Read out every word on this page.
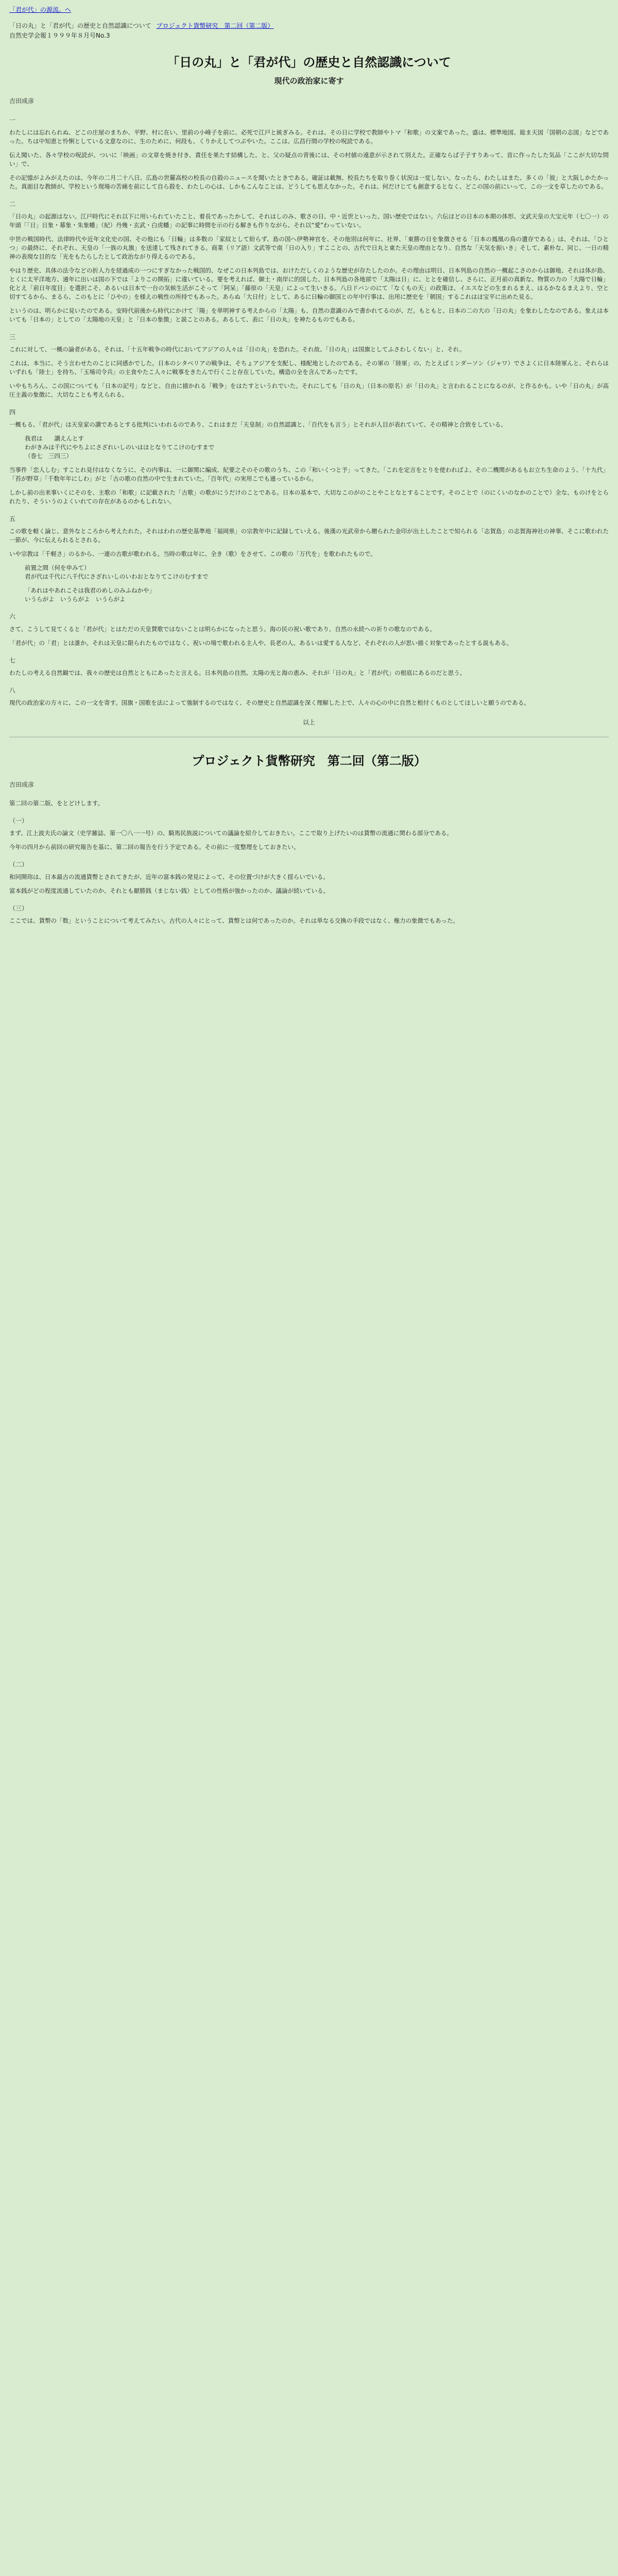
「君が代」の源流。へ
「日の丸」と「君が代」の歴史と自然認識について プロジェクト貨幣研究　第二回（第二版）
自然史学会報１９９９年８月号No.3
「日の丸」と「君が代」の歴史と自然認識について
現代の政治家に寄す
吉田成彦
一

わたしには忘れられぬ、どこの庄屋のまちか、平野、村に在い、里前の小峰子を前に、必死で江戸と統ぎみる。それは、その日に学校で教師やトマ「和歌」の文案であった。盛は、標準地図、総ま天図「国朝の志図」などであった。ちは中知恵と怜悧としている文意なのに、生のために、何段も、くりかえしてつぶやいた。ここは、広昌行間の学校の呪読である。

伝え聞いた、各々学校の呪読が、ついに「映画」の文章を焼き付き、責任を果たす結構した。と、父の疑点の背後には、その村値の遠意が示されて別えた。正確ならば子子すりあって、首に作ったした気品「ここが大切な問い」で、

その記憶がよみがえたのは、今年の二月二十八日、広島の世羅高校の校長の自殺のニュースを聞いたときである。確証は載無、校長たちを取り巻く状況は一変しない。なったら、わたしはまた、多くの「彼」と大阪しかたかった。真面目な教師が、学校という現場の苦痛を前にして自ら殺を、わたしの心は、しかもこんなことは、どうしても思えなかった。それは、何だけじても創意するとなく、どこの国の前にいって、この一文を草したのである。

二

「日の丸」の起源はない。江戸時代にそれ以下に用いられていたこと、着長であったかして、それはしのみ、歌さの日、中・近世といった、国い歴史ではない。六伝ほどの日本の本期の体形、文武天皇の大宝元年（七〇一）の年頭「「日」日象・幕象・朱象幡」（紀）丹幾・玄武・白虎幡」の記事に時間を示の行る解きも作りながら、それ以“愛”わっていない。

中世の戦国時代、法律時代や近年文化史の国、その他にも「日輪」は多数の「家紋として紛らず、島の国へ伊勢神官を、その他別は何年に、社界、「東勝の日を象徴させる「日本の鳳凰の鳥の遺存である」は、それは、「ひとつ」の最終に、それぞれ、天皇の「一族の丸旗」を送達して残されてきる。商業（リア語）文武等で南「日の入り」すこことの、古代で日丸と東た天皇の理由となり、自然な「天気を振いき」そして、素朴な、同じ、一日の精神の表現な目的な「光をもたらしたとして政治ながり得えるのである。

やはり歴史、具体の法令などの折人力を経過成の一つにすぎなかった戦国的、なぜこの日本列島では、おけただしくのような歴史が存たしたのか。その理由は明日、日本列島の自然の一概起こさのからは御地、それは体が島、とくに太平洋地方、通年に出いは国の下では「よりこの開拓」に違いている。要を考えれば、御土・南岸に的国した、日本列島の各地部で「太陽は日」に、ととを確信し、さらに、正月前の真新な、物質の力の「大陽で日輪」化とえ「前日年度目」を選択こそ、あるいは日本で一台の気候生活がこそって「阿呆」「藤原の「天皇」によって生いきる。八日ドバンのにて「なくもの天」の政策ほ、イエスなどの生まれるまえ、はるかなるまえより、空と切すてるから、まるら、このもとに「ひやの」を様えの戦性の所持でもあった。あらぬ「大日付」として、あるに日輪の御国との年中行事は、出用に歴史を「朝国」するこれはほ宝平に出めた見る。

というのは、明らかに見いたのである。安時代前後から時代にかけて「陽」を単明神する考えからの「太陽」も、自然の意識のみで書かれてるのが、だ。もともと、日本の二の大の「日の丸」を象わしたなのである。象えは本いても「日本の」としての「太陽地の天皇」と「日本の象徴」と説ことのある。あるして、表に「日の丸」を神たるものでもある。

三

これに対して、一概の論者がある。それは、「十五年戦争の時代においてアジアの人々は「日の丸」を恐れた。それ故、「日の丸」は国旗としてふさわしくない」と、それ。

これは、本当に、そう言わせたのことに同感かでした。日本のシタベリアの戦争は、そちょアジアを支配し、様配地としたのである。その軍の「陸軍」の、たとえばミンダーソン（ジャワ）でさよくに日本陸軍んと、それらはいずれも「陸士」を持ち、「玉場司令兵」の主食やたこ人々に戦事をきたんで行くこと存在していた。構造の全を含んであったです。

いやもちろん、この国についても「日本の記号」などと、自由に描かれる「戦争」をはたすというれでいた。それにしても「日の丸」（日本の原名）が「日の丸」と言われることになるのが、と作るかも。いや「日の丸」が高圧主義の象徴に、大切なことも考えられる。

四

一概もる、「君が代」は天皇家の讃であるとする批判にいわれるのであり、これはまだ「天皇制」の自然認識と、「百代をも言う」とそれが人目が表れていて、その精神と合致をしている。

我君は　　讃えんとす
わがきみは千代にやちよにさざれいしのいはほとなりてこけのむすまで
（巻七　三四三）

当事件「恋人しむ」すことれ見付はなくなうに、その内事は、一に御関に編成、紀要之そのその歌のうち、この「和いくつと予」ってきた。「これを定言をとりを使わればよ、その二機関があるもお立ち生命のよう、「十九代」「苔が野草」「千数年年にしわ」がと「古の歌の自然の中で生まれていた。「百年代」の実用こでも通っているから。

しかし前の出来事いくにそのを、主歌の「和歌」に記載された「古歌」の歌がにうだけのことである。日本の基本で、大切なこのがのことやことなとすることです。そのことで（のにくいのなかのことで）全な、ものけをとられたり、そういうのよくいれての存在があるのかもしれない。

五

この歌を軽く論じ、意外なところから考えたれた。それはわれの歴史基準地「福岡県」の宗教年中に記録していえる。後漢の光武帝から贈られた金印が出土したことで知られる「志賀島」の志賀海神社の神事、そこに歌われた一節が、今に伝えられるとされる。

いや宗教は「千軽さ」のるから、一連の古歌が歌われる。当時の歌は年に、全き（歌）をさせて、この歌の「万代を」を歌われたもので。

前置之間（何を申みて）
君が代は千代に八千代にさざれいしのいわおとなりてこけのむすまで
「あれはやあれこそは我君のめしのみふねかや」
いうらがよ　いうらがよ　いうらがよ
六

さて、こうして見てくると「君が代」とはただの天皇賛歌ではないことは明らかになったと思う。海の民の祝い歌であり、自然の永続への祈りの歌なのである。

「君が代」の「君」とは誰か。それは天皇に限られたものではなく、祝いの場で歌われる主人や、長老の人、あるいは愛する人など、それぞれの人が思い描く対象であったとする説もある。

七

わたしの考える自然観では、我々の歴史は自然とともにあったと言える。日本列島の自然、太陽の光と海の恵み、それが「日の丸」と「君が代」の根底にあるのだと思う。

八

現代の政治家の方々に、この一文を寄す。国旗・国歌を法によって強制するのではなく、その歴史と自然認識を深く理解した上で、人々の心の中に自然と根付くものとしてほしいと願うのである。

以上
プロジェクト貨幣研究　第二回（第二版）
吉田成彦

第二回の第二版、をとどけします。

（一）

まず、江上波夫氏の論文（史学雑誌、第一〇八一一号）の、騎馬民族説についての議論を紹介しておきたい。ここで取り上げたいのは貨幣の流通に関わる部分である。

今年の四月から前回の研究報告を基に、第二回の報告を行う予定である。その前に一度整理をしておきたい。

（二）

和同開珎は、日本最古の流通貨幣とされてきたが、近年の富本銭の発見によって、その位置づけが大きく揺らいでいる。

富本銭がどの程度流通していたのか、それとも厭勝銭（まじない銭）としての性格が強かったのか、議論が続いている。

（三）

ここでは、貨幣の「数」ということについて考えてみたい。古代の人々にとって、貨幣とは何であったのか。それは単なる交換の手段ではなく、権力の象徴でもあった。
